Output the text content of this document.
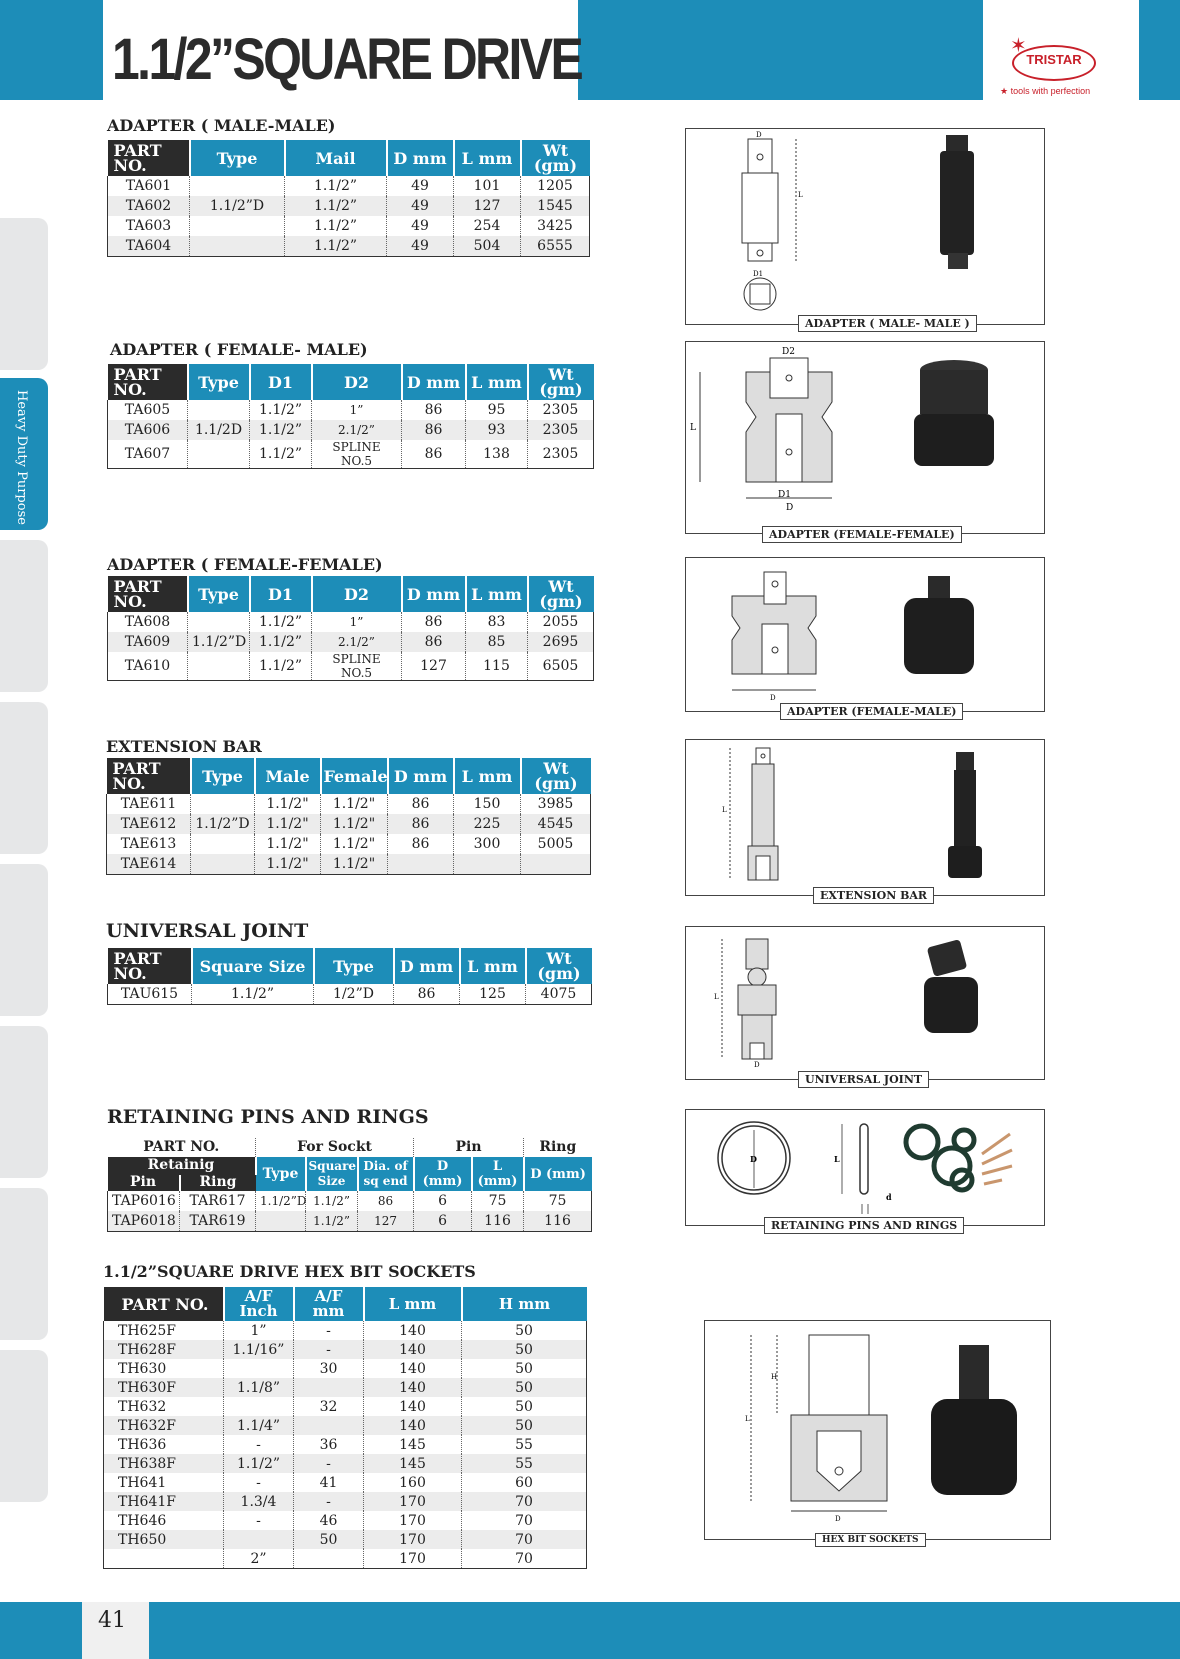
1.1/2”SQUARE DRIVE	✶
TRISTAR
★ tools with perfection
Heavy Duty Purpose
ADAPTER ( MALE-MALE)
PART NO.	Type	Mail	D mm	L mm	Wt (gm)
TA601		1.1/2”	49	101	1205
TA602	1.1/2”D	1.1/2”	49	127	1545
TA603		1.1/2”	49	254	3425
TA604		1.1/2”	49	504	6555
ADAPTER ( FEMALE- MALE)
PART NO.	Type	D1	D2	D mm	L mm	Wt (gm)
TA605		1.1/2”	1”	86	95	2305
TA606	1.1/2D	1.1/2”	2.1/2”	86	93	2305
TA607		1.1/2”	SPLINE NO.5	86	138	2305
ADAPTER ( FEMALE-FEMALE)
PART NO.	Type	D1	D2	D mm	L mm	Wt (gm)
TA608		1.1/2”	1”	86	83	2055
TA609	1.1/2”D	1.1/2”	2.1/2”	86	85	2695
TA610		1.1/2”	SPLINE NO.5	127	115	6505
EXTENSION BAR
PART NO.	Type	Male	Female	D mm	L mm	Wt (gm)
TAE611		1.1/2"	1.1/2"	86	150	3985
TAE612	1.1/2”D	1.1/2"	1.1/2"	86	225	4545
TAE613		1.1/2"	1.1/2"	86	300	5005
TAE614		1.1/2"	1.1/2"			
UNIVERSAL JOINT
PART NO.	Square Size	Type	D mm	L mm	Wt (gm)
TAU615	1.1/2”	1/2”D	86	125	4075
RETAINING PINS AND RINGS
PART NO.		For Sockt			Pin		Ring
Retainig		Type	Square Size	Dia. of sq end	D (mm)	L (mm)	D (mm)
Pin	Ring						
TAP6016	TAR617	1.1/2”D	1.1/2”	86	6	75	75
TAP6018	TAR619		1.1/2”	127	6	116	116
1.1/2”SQUARE DRIVE HEX BIT SOCKETS
PART NO.	A/F Inch	A/F mm	L mm	H mm
TH625F	1”	-	140	50
TH628F	1.1/16”	-	140	50
TH630		30	140	50
TH630F	1.1/8”		140	50
TH632		32	140	50
TH632F	1.1/4”		140	50
TH636	-	36	145	55
TH638F	1.1/2”	-	145	55
TH641	-	41	160	60
TH641F	1.3/4	-	170	70
TH646	-	46	170	70
TH650		50	170	70
	2”		170	70
L
D
D1
ADAPTER ( MALE- MALE )
D2
D1
D
L
ADAPTER (FEMALE-FEMALE)
D
ADAPTER (FEMALE-MALE)
L
EXTENSION BAR
L
D
UNIVERSAL JOINT
D	L
d
RETAINING PINS AND RINGS
H
L
D
HEX BIT SOCKETS
41
